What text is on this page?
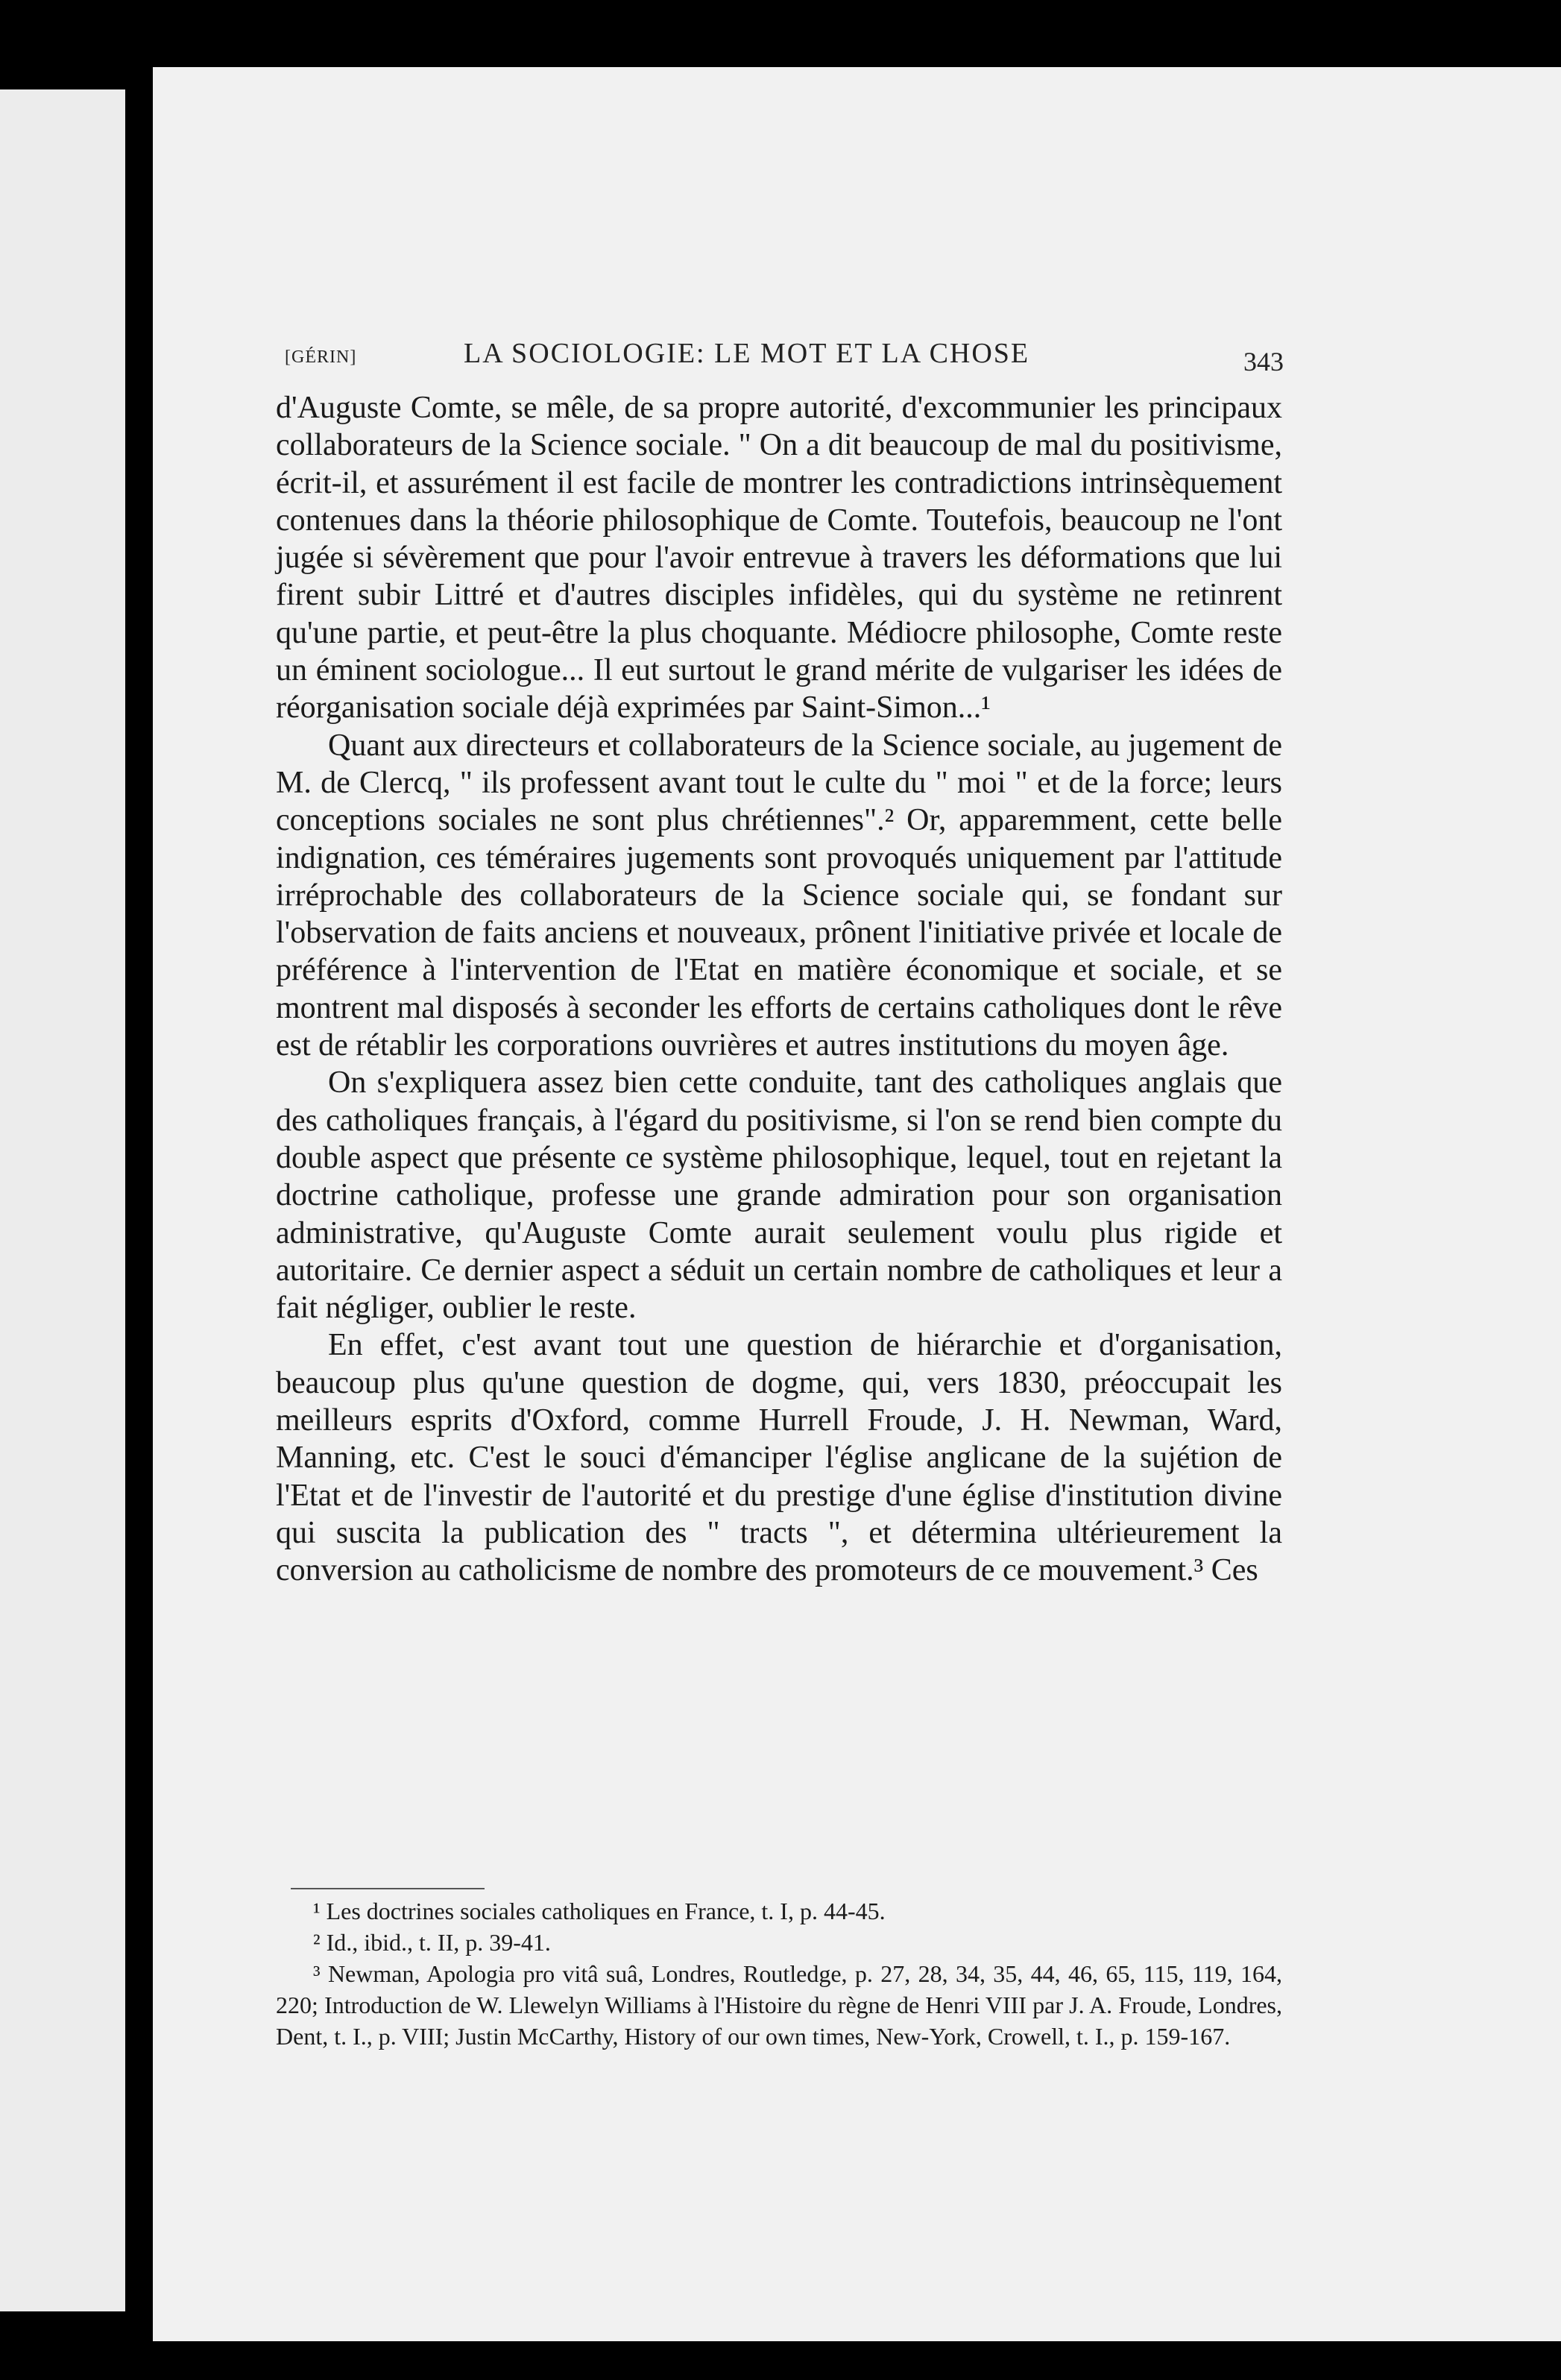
[GÉRIN]	LA SOCIOLOGIE: LE MOT ET LA CHOSE	343

d'Auguste Comte, se mêle, de sa propre autorité, d'excommunier les principaux collaborateurs de la Science sociale. " On a dit beaucoup de mal du positivisme, écrit-il, et assurément il est facile de montrer les contradictions intrinsèquement contenues dans la théorie philosophique de Comte. Toutefois, beaucoup ne l'ont jugée si sévèrement que pour l'avoir entrevue à travers les déformations que lui firent subir Littré et d'autres disciples infidèles, qui du système ne retinrent qu'une partie, et peut-être la plus choquante. Médiocre philosophe, Comte reste un éminent sociologue... Il eut surtout le grand mérite de vulgariser les idées de réorganisation sociale déjà exprimées par Saint-Simon...¹

Quant aux directeurs et collaborateurs de la Science sociale, au jugement de M. de Clercq, " ils professent avant tout le culte du " moi " et de la force; leurs conceptions sociales ne sont plus chrétiennes".² Or, apparemment, cette belle indignation, ces téméraires jugements sont provoqués uniquement par l'attitude irréprochable des collaborateurs de la Science sociale qui, se fondant sur l'observation de faits anciens et nouveaux, prônent l'initiative privée et locale de préférence à l'intervention de l'Etat en matière économique et sociale, et se montrent mal disposés à seconder les efforts de certains catholiques dont le rêve est de rétablir les corporations ouvrières et autres institutions du moyen âge.

On s'expliquera assez bien cette conduite, tant des catholiques anglais que des catholiques français, à l'égard du positivisme, si l'on se rend bien compte du double aspect que présente ce système philosophique, lequel, tout en rejetant la doctrine catholique, professe une grande admiration pour son organisation administrative, qu'Auguste Comte aurait seulement voulu plus rigide et autoritaire. Ce dernier aspect a séduit un certain nombre de catholiques et leur a fait négliger, oublier le reste.

En effet, c'est avant tout une question de hiérarchie et d'organisation, beaucoup plus qu'une question de dogme, qui, vers 1830, préoccupait les meilleurs esprits d'Oxford, comme Hurrell Froude, J. H. Newman, Ward, Manning, etc. C'est le souci d'émanciper l'église anglicane de la sujétion de l'Etat et de l'investir de l'autorité et du prestige d'une église d'institution divine qui suscita la publication des " tracts ", et détermina ultérieurement la conversion au catholicisme de nombre des promoteurs de ce mouvement.³ Ces

¹ Les doctrines sociales catholiques en France, t. I, p. 44-45.

² Id., ibid., t. II, p. 39-41.

³ Newman, Apologia pro vitâ suâ, Londres, Routledge, p. 27, 28, 34, 35, 44, 46, 65, 115, 119, 164, 220; Introduction de W. Llewelyn Williams à l'Histoire du règne de Henri VIII par J. A. Froude, Londres, Dent, t. I., p. VIII; Justin McCarthy, History of our own times, New-York, Crowell, t. I., p. 159-167.
